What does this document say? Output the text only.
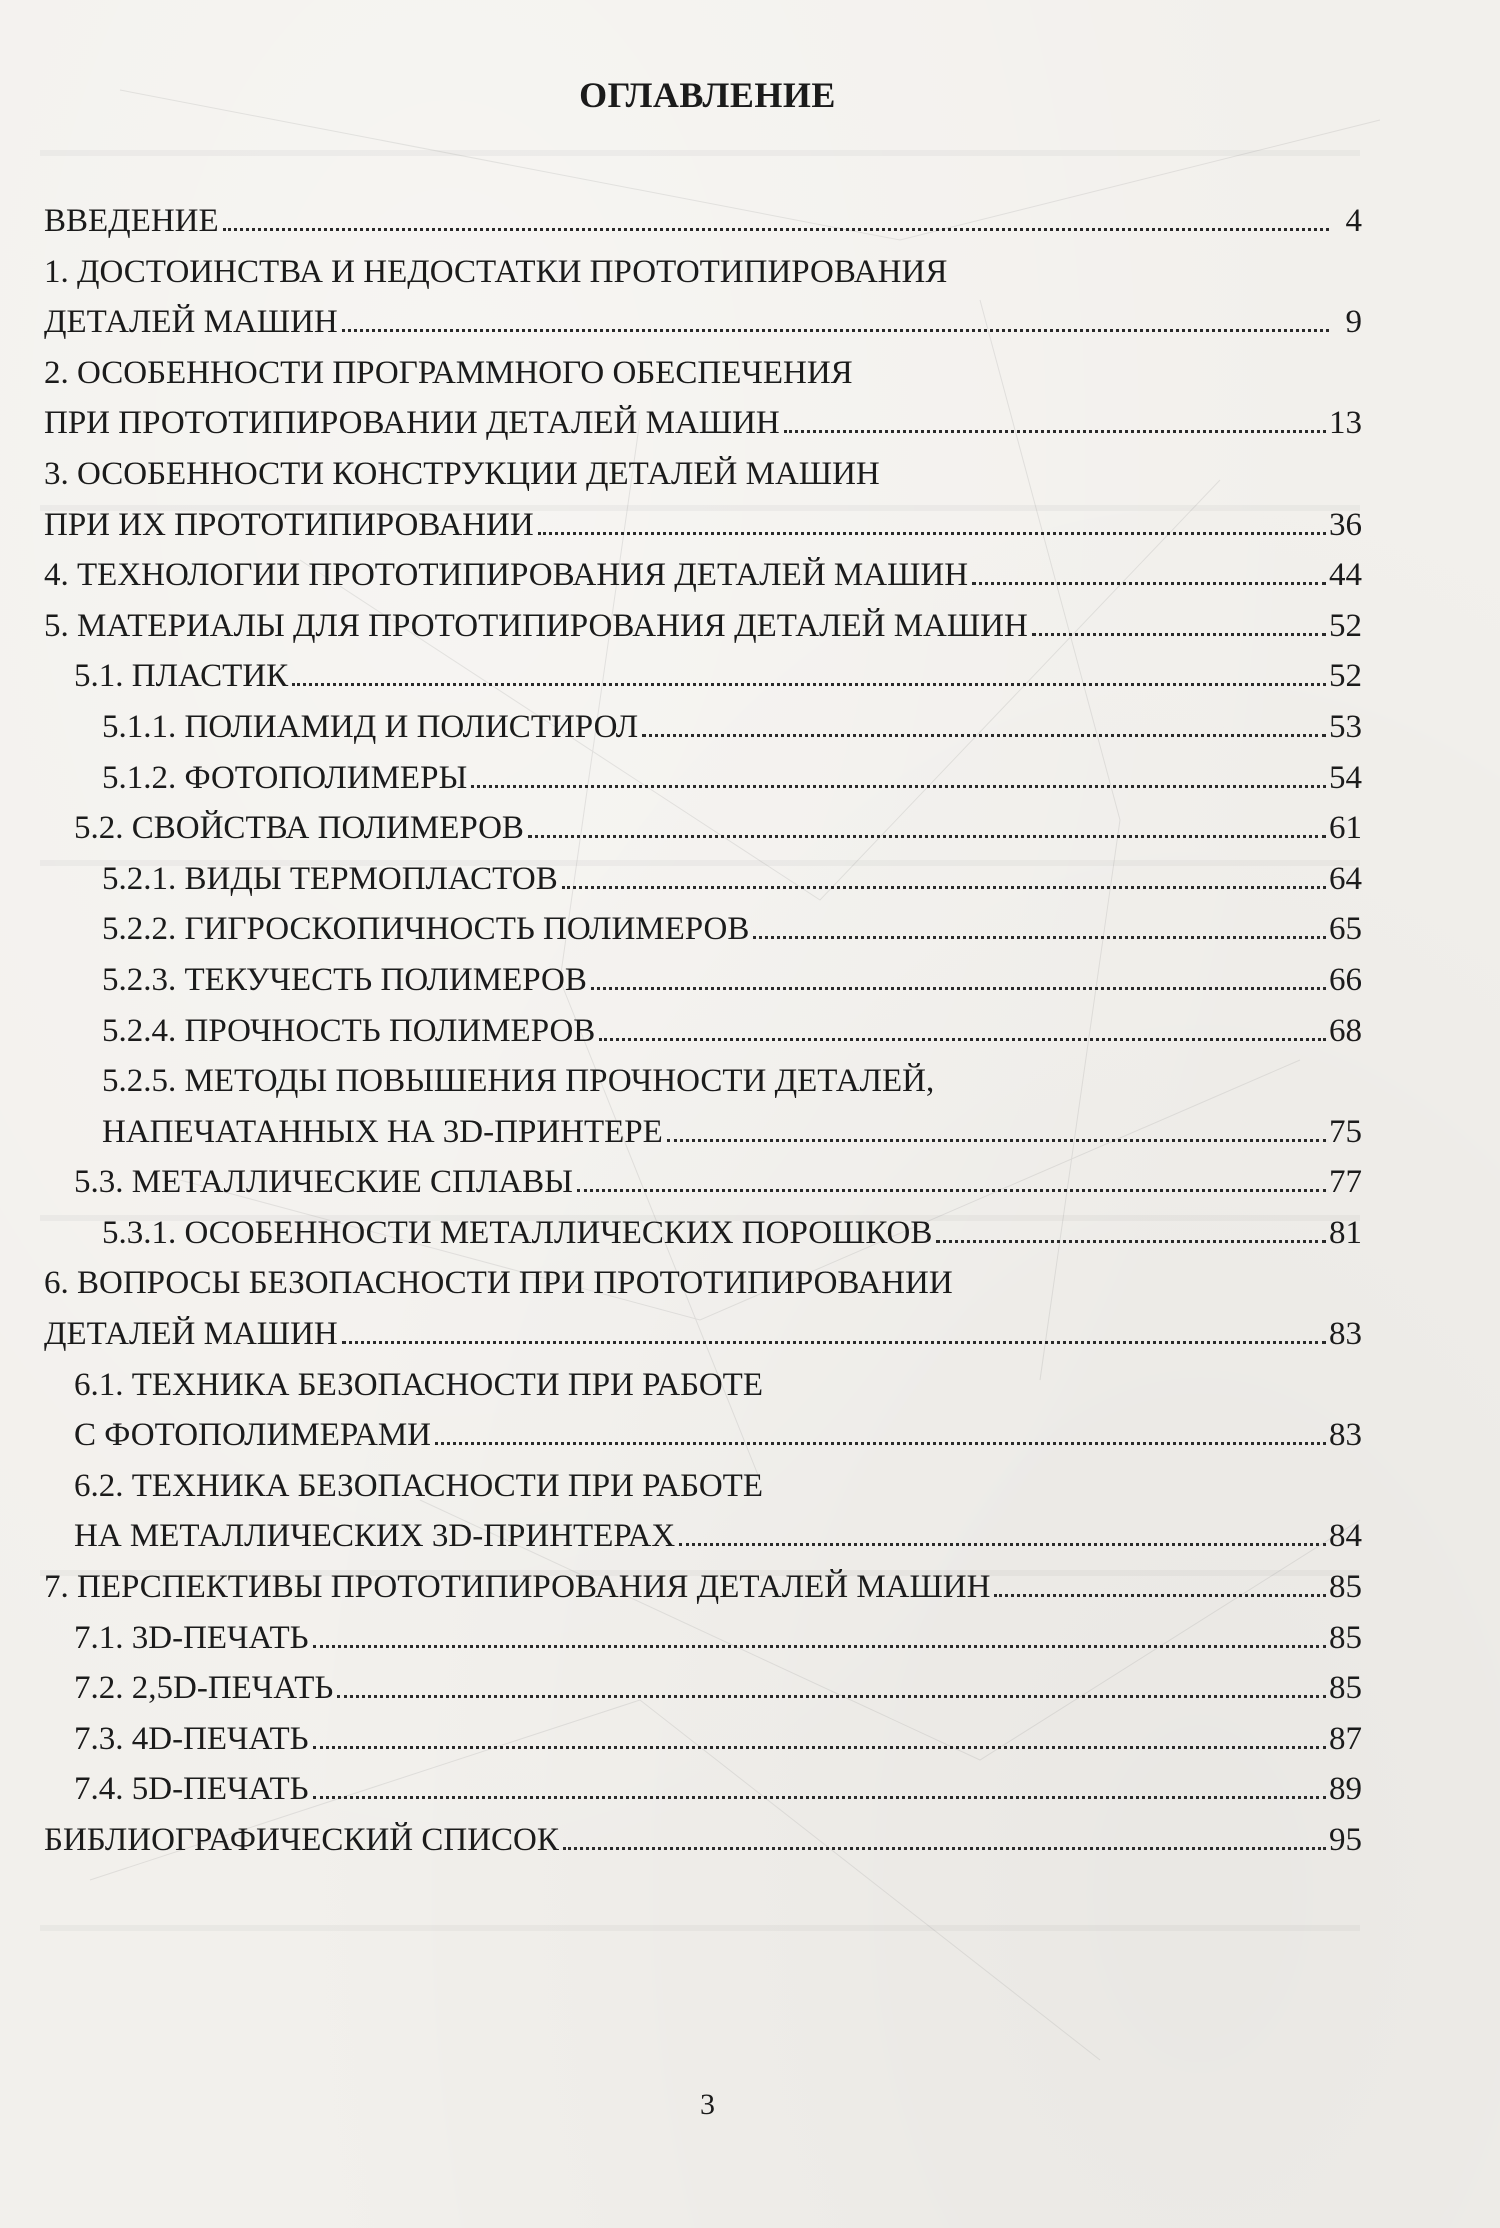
ОГЛАВЛЕНИЕ
ВВЕДЕНИЕ	4
1. ДОСТОИНСТВА И НЕДОСТАТКИ ПРОТОТИПИРОВАНИЯ
ДЕТАЛЕЙ МАШИН	9
2. ОСОБЕННОСТИ ПРОГРАММНОГО ОБЕСПЕЧЕНИЯ
ПРИ ПРОТОТИПИРОВАНИИ ДЕТАЛЕЙ МАШИН	13
3. ОСОБЕННОСТИ КОНСТРУКЦИИ ДЕТАЛЕЙ МАШИН
ПРИ ИХ ПРОТОТИПИРОВАНИИ	36
4. ТЕХНОЛОГИИ ПРОТОТИПИРОВАНИЯ ДЕТАЛЕЙ МАШИН	44
5. МАТЕРИАЛЫ ДЛЯ ПРОТОТИПИРОВАНИЯ ДЕТАЛЕЙ МАШИН	52
5.1. ПЛАСТИК	52
5.1.1. ПОЛИАМИД И ПОЛИСТИРОЛ	53
5.1.2. ФОТОПОЛИМЕРЫ	54
5.2. СВОЙСТВА ПОЛИМЕРОВ	61
5.2.1. ВИДЫ ТЕРМОПЛАСТОВ	64
5.2.2. ГИГРОСКОПИЧНОСТЬ ПОЛИМЕРОВ	65
5.2.3. ТЕКУЧЕСТЬ ПОЛИМЕРОВ	66
5.2.4. ПРОЧНОСТЬ ПОЛИМЕРОВ	68
5.2.5. МЕТОДЫ ПОВЫШЕНИЯ ПРОЧНОСТИ ДЕТАЛЕЙ,
НАПЕЧАТАННЫХ НА 3D-ПРИНТЕРЕ	75
5.3. МЕТАЛЛИЧЕСКИЕ СПЛАВЫ	77
5.3.1. ОСОБЕННОСТИ МЕТАЛЛИЧЕСКИХ ПОРОШКОВ	81
6. ВОПРОСЫ БЕЗОПАСНОСТИ ПРИ ПРОТОТИПИРОВАНИИ
ДЕТАЛЕЙ МАШИН	83
6.1. ТЕХНИКА БЕЗОПАСНОСТИ ПРИ РАБОТЕ
С ФОТОПОЛИМЕРАМИ	83
6.2. ТЕХНИКА БЕЗОПАСНОСТИ ПРИ РАБОТЕ
НА МЕТАЛЛИЧЕСКИХ 3D-ПРИНТЕРАХ	84
7. ПЕРСПЕКТИВЫ ПРОТОТИПИРОВАНИЯ ДЕТАЛЕЙ МАШИН	85
7.1. 3D-ПЕЧАТЬ	85
7.2. 2,5D-ПЕЧАТЬ	85
7.3. 4D-ПЕЧАТЬ	87
7.4. 5D-ПЕЧАТЬ	89
БИБЛИОГРАФИЧЕСКИЙ СПИСОК	95
3
